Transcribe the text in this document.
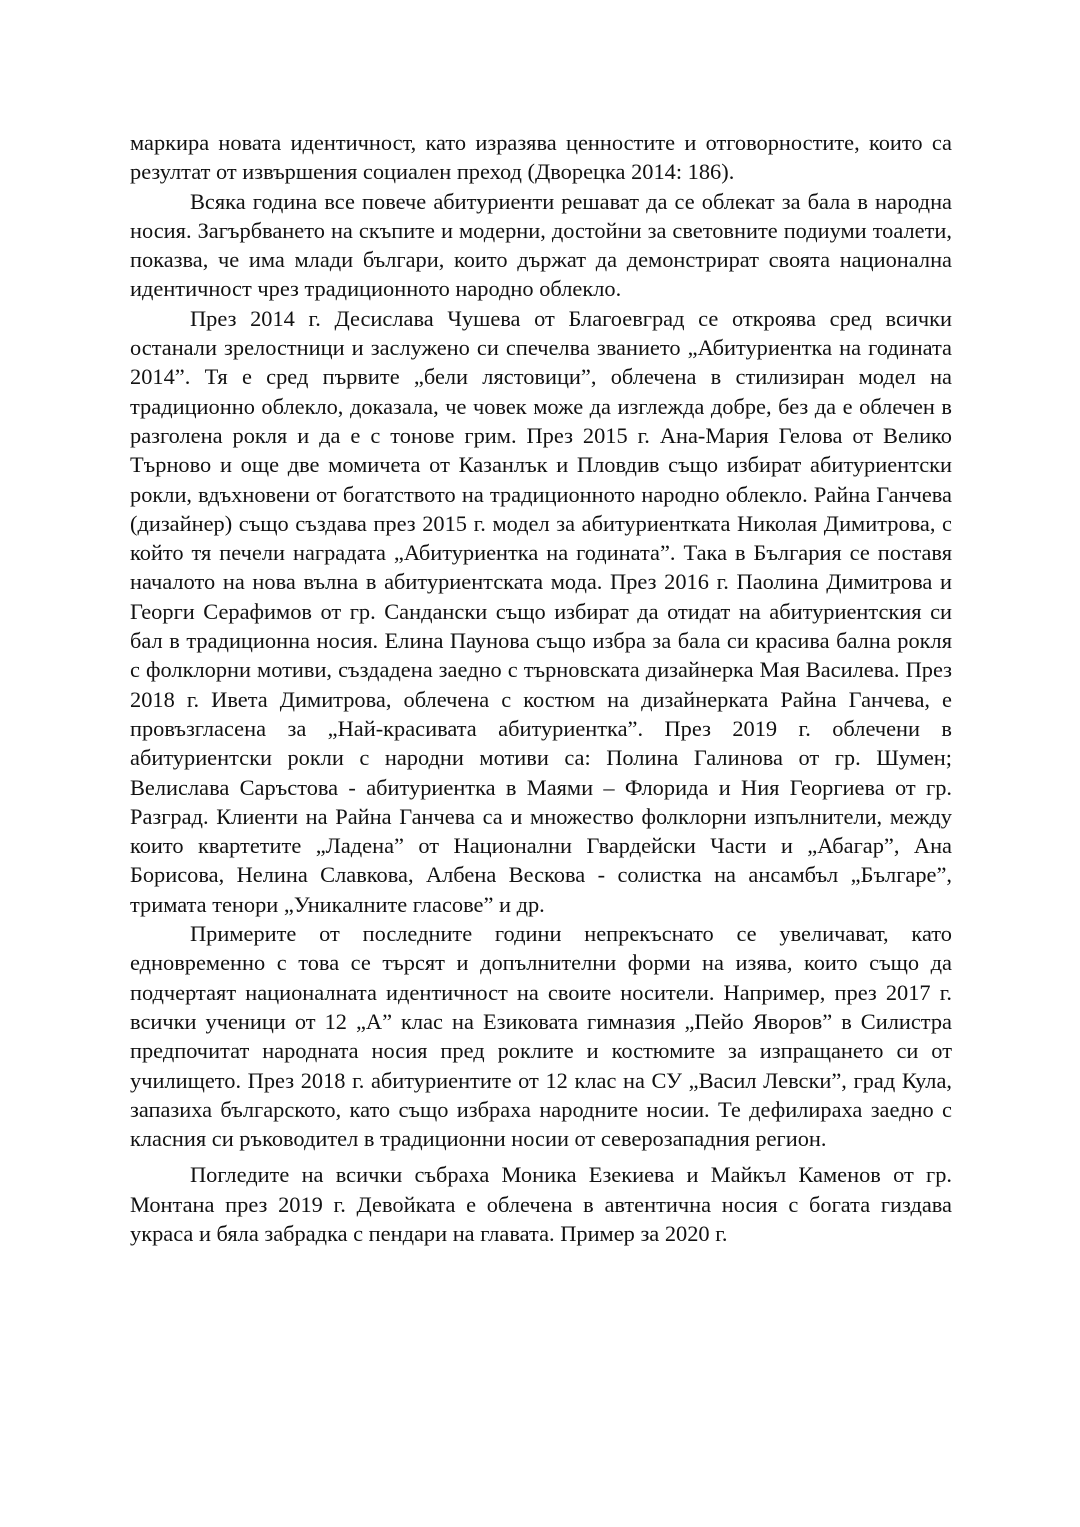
маркира новата идентичност, като изразява ценностите и отговорностите, които са резултат от извършения социален преход (Дворецка 2014: 186).

Всяка година все повече абитуриенти решават да се облекат за бала в народна носия. Загърбването на скъпите и модерни, достойни за световните подиуми тоалети, показва, че има млади българи, които държат да демонстрират своята национална идентичност чрез традиционното народно облекло.

През 2014 г. Десислава Чушева от Благоевград се откроява сред всички останали зрелостници и заслужено си спечелва званието „Абитуриентка на годината 2014”. Тя е сред първите „бели лястовици”, облечена в стилизиран модел на традиционно облекло, доказала, че човек може да изглежда добре, без да е облечен в разголена рокля и да е с тонове грим. През 2015 г. Ана-Мария Гелова от Велико Търново и още две момичета от Казанлък и Пловдив също избират абитуриентски рокли, вдъхновени от богатството на традиционното народно облекло. Райна Ганчева (дизайнер) също създава през 2015 г. модел за абитуриентката Николая Димитрова, с който тя печели наградата „Абитуриентка на годината”. Така в България се поставя началото на нова вълна в абитуриентската мода. През 2016 г. Паолина Димитрова и Георги Серафимов от гр. Сандански също избират да отидат на абитуриентския си бал в традиционна носия. Елина Паунова също избра за бала си красива бална рокля с фолклорни мотиви, създадена заедно с търновската дизайнерка Мая Василева. През 2018 г. Ивета Димитрова, облечена с костюм на дизайнерката Райна Ганчева, е провъзгласена за „Най-красивата абитуриентка”. През 2019 г. облечени в абитуриентски рокли с народни мотиви са: Полина Галинова от гр. Шумен; Велислава Саръстова - абитуриентка в Маями – Флорида и Ния Георгиева от гр. Разград. Клиенти на Райна Ганчева са и множество фолклорни изпълнители, между които квартетите „Ладена” от Национални Гвардейски Части и „Абагар”, Ана Борисова, Нелина Славкова, Албена Вескова - солистка на ансамбъл „Българе”, тримата тенори „Уникалните гласове” и др.

Примерите от последните години непрекъснато се увеличават, като едновременно с това се търсят и допълнителни форми на изява, които също да подчертаят националната идентичност на своите носители. Например, през 2017 г. всички ученици от 12 „А” клас на Езиковата гимназия „Пейо Яворов” в Силистра предпочитат народната носия пред роклите и костюмите за изпращането си от училището. През 2018 г. абитуриентите от 12 клас на СУ „Васил Левски”, град Кула, запазиха българското, като също избраха народните носии. Те дефилираха заедно с класния си ръководител в традиционни носии от северозападния регион.

Погледите на всички събраха Моника Езекиева и Майкъл Каменов от гр. Монтана през 2019 г. Девойката е облечена в автентична носия с богата гиздава украса и бяла забрадка с пендари на главата. Пример за 2020 г.
